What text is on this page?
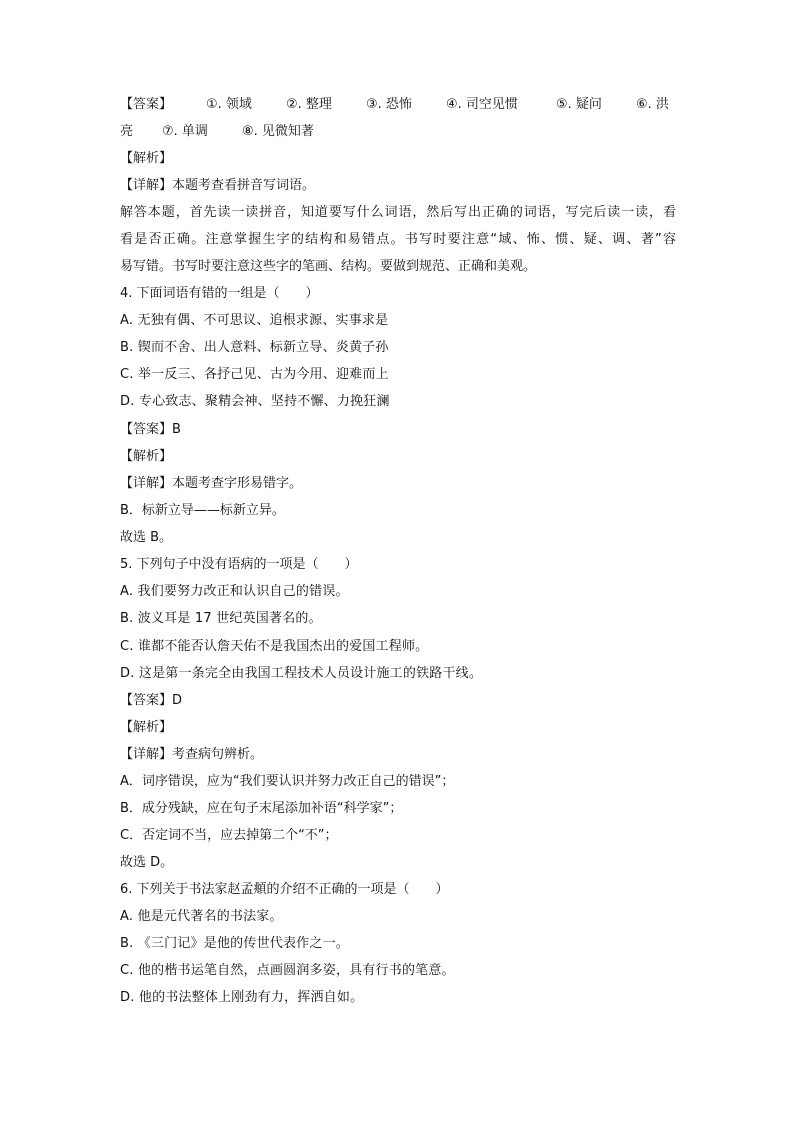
【答案】	①. 领域	②. 整理	③. 恐怖	④. 司空见惯	⑤. 疑问	⑥. 洪
亮 ⑦. 单调	⑧. 见微知著
【解析】
【详解】本题考查看拼音写词语。
解答本题，首先读一读拼音，知道要写什么词语，然后写出正确的词语，写完后读一读，看
看是否正确。注意掌握生字的结构和易错点。书写时要注意“域、怖、惯、疑、调、著”容
易写错。书写时要注意这些字的笔画、结构。要做到规范、正确和美观。
4. 下面词语有错的一组是（　　）
A. 无独有偶、不可思议、追根求源、实事求是
B. 锲而不舍、出人意料、标新立导、炎黄子孙
C. 举一反三、各抒己见、古为今用、迎难而上
D. 专心致志、聚精会神、坚持不懈、力挽狂澜
【答案】B
【解析】
【详解】本题考查字形易错字。
B．标新立导——标新立异。
故选 B。
5. 下列句子中没有语病的一项是（　　）
A. 我们要努力改正和认识自己的错误。
B. 波义耳是 17 世纪英国著名的。
C. 谁都不能否认詹天佑不是我国杰出的爱国工程师。
D. 这是第一条完全由我国工程技术人员设计施工的铁路干线。
【答案】D
【解析】
【详解】考查病句辨析。
A．词序错误，应为“我们要认识并努力改正自己的错误”；
B．成分残缺，应在句子末尾添加补语“科学家”；
C．否定词不当，应去掉第二个“不”；
故选 D。
6. 下列关于书法家赵孟頫的介绍不正确的一项是（　　）
A. 他是元代著名的书法家。
B. 《三门记》是他的传世代表作之一。
C. 他的楷书运笔自然，点画圆润多姿，具有行书的笔意。
D. 他的书法整体上刚劲有力，挥洒自如。
